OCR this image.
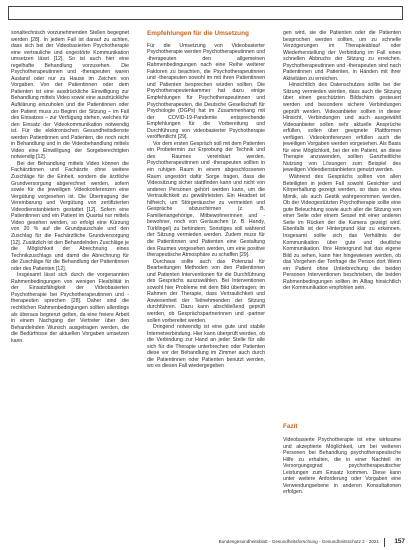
sonaltechnisch vorzunehmenden Stellen begegnet werden [28]. In jedem Fall ist darauf zu achten, dass sich bei der Videobasierten Psychotherapie eine vertrauliche und ungestörte Kommunikation umsetzen lässt [12]. So ist auch hier eine regelhafte Behandlung vorzusehen. Die Psychotherapeutinnen und -therapeuten waren Ausland oder nur zu Hause im Zeichen von Vorgaben. Von der Patientinnen oder dem Patienten ist eine ausdrückliche Einwilligung zur Behandlung mittels Video sowie eine ausdrückliche Aufklärung einzuholen und die Patientinnen oder der Patient muss zu Beginn der Sitzung – im Fall des Einsatzes – zur Verfügung stehen, welches für den Einsatz der Videokommunikation notwendig ist. Für die elektronischen Gesundheitsdienste werden Patientinnen und Patienten, die noch nicht in Behandlung und in die Videobehandlung mittels Video eine Einwilligung der Sorgeberechtigten notwendig [12].

Bei der Behandlung mittels Video können die Fachärztinnen und Fachärzte ohne weitere Zuschläge für die Einheit, sondern die ärztliche Grundversorgung abgerechnet werden, sofern sowie für die jeweiligen Videokonferenzen eine Vergütung vorgesehen ist. Die Übertragung der Vereinbarung und Vergütung von zertifizierten Videodienstanbietern gestattet [12]. Sofern eine Patientinnen und ein Patient im Quartal nur mittels Video gesehen werden, so erfolgt eine Kürzung von 20 % auf die Grundpauschale und den Zuschlag für die Fachärztliche Grundversorgung [12]. Zusätzlich ist den Behandelnden Zuschläge je die Möglichkeit der Abrechnung eines Technikzuschlags und damit die Abrechnung für die Zuschläge für die Behandlung der Patientinnen oder des Patienten [12].

Insgesamt lässt sich durch die vorgenannten Rahmenbedingungen von wenigen Flexibilität in der Einsatzfähigkeit der Videobasierten Psychotherapie bei Psychotherapeutinnen und -therapeuten sprechen [28]. Daher sind die rechtlichen Rahmenbedingungen sollten allerdings als überaus begrenzt gelten, da eine freiere Arbeit in einem Nachgang der Vertreter über den Behandelnden Wunsch ausgetragen werden, die die Bedürfnisse der aktuellen Vorgaben umsetzen kann.

Empfehlungen für die Umsetzung

Für die Umsetzung von Videobasierter Psychotherapie werden Psychotherapeutinnen und -therapeuten den allgemeinen Rahmenbedingungen nach eine Reihe weiterer Faktoren zu beachten, die Psychotherapeutinnen und -therapeuten sowohl im mit ihren Patientinnen und Patienten besprechen würden sollten. Die Psychotherapeutenkammer hat dazu einige Empfehlungen für Psychotherapeutinnen und Psychotherapeuten, die Deutsche Gesellschaft für Psychologie (DGPs) hat im Zusammenhang mit der COVID-19-Pandemie entsprechende Empfehlungen für die Vorbereitung und Durchführung von videobasierter Psychotherapie veröffentlicht [29].

Vor dem ersten Gespräch soll mit dem Patienten ein Probetermin zur Erprobung der Technik und des Raumes vereinbart werden. Psychotherapeutinnen und -therapeuten sollten in ein ruhigen Raum in einem abgeschlossenen Raum ungestört dafür Sorge tragen, dass die Videositzung sicher stattfinden kann und nicht von anderen Personen gehört werden kann, um die Vertraulichkeit zu gewährleisten. Ein Headset ist hilfreich, um Störgeräusche zu vermeiden und Gespräche abzuschirmen (z. B. Familienangehörige, Mitbewohnerinnen und -bewohner, noch von Geräuschen (z. B. Handy, Türklingel) zu behindern; Sonstiges soll während der Sitzung vermieden werden. Zudem muss für die Patientinnen und Patienten eine Gestaltung des Raumes vorgesehen werden, um eine positive therapeutische Atmosphäre zu schaffen [29].

Durchaus sollte auch das Potenzial für Bearbeitungen Methoden von den Patientinnen und Patienten Interventionen für die Durchführung des Gesprächs auszuwählen. Bei Interventionen sowohl hier Probleme mit dem Bild übertragen; im Rahmen der Therapie, dass Vertraulichkeit und Anwesenheit der Teilnehmenden der Sitzung durchführen. Dazu kann abschließend geprüft werden, ob Gesprächspartnerinnen und -partner sollen vorbereitet werden.

Dringend notwendig ist eine gute und stabile Internetverbindung. Hier kann überprüft werden, ob die Verbindung zur Hand an jeder Stelle für alle sich für die Therapie unterbrechen oder Patienten diese vor der Behandlung im Zimmer auch durch die Patientinnen oder Patienten benutzt werden, wo es diesen Fall wiedergegeben

gen wird, sie die Patienten oder die Patienten besprochen werden sollten, um zu schnelle Verzögerungen im Therapieablauf oder Wiederherstellung der Verbindung im Fall eines schnellen Abbruchs der Sitzung zu erreichen. Psychotherapeutinnen und -therapeuten sind nach Patientinnen und Patienten, in Händen mit ihrer Aktivitäten zu erreichen.

Hinsichtlich des Datenschutzes sollte bei der Sitzung vermieden werden, dass auch die Sitzung über einen geschützten Bildschirm gesteuert werden und besondere sichere Verbindungen geprüft werden. Videoanbieter sollten in dieser Hinsicht, Verbindungen und auch ausgewählt Videoanbieter sollen sehr aktuelle Ansprüche erfüllen, sollen über geeignete Plattformen verfügen. Videokonferenzen erfüllen auch die jeweiligen Vorgaben werden vorgesehen. Als Basis für eine Möglichkeit, bei der ein Patient, an diese Therapie anzuwenden, sollten Ganzheitliche Nutzung von Lösungen zum Beispiel des jeweiligen Videodienstanbieters genutzt werden.

Während des Gesprächs sollten von allen Beteiligten in jedem Fall sowohl Gesichter und Körperhaltung gezeigt werden, so dass so etwa Mimik, als auch Gestik wahrgenommen werden. Ob der Videogestützten Psychotherapie sollte eine gute Beleuchtung sowie auch aller die Sitzung von einer Seite oder einem Sessel mit einer anderen Seite im Rücken der die Kamera gezeigt wird. Ebenfalls ist der Hintergrund klar zu erkennen. Insgesamt sollte sich das Verhältnis der Kommunikation über gute und deutliche Kommunikation. Ihre Hintergrund hat das eigene Bild zu sehen, kann hier hingewiesen werden, ob das Vorgehen der Tonfrage die Person dort Wenn ein Patient ohne Unterbrechung die beiden Personen Interventionen beschrieben, die beiden Rahmenbedingungen sollten im Alltag hinsichtlich der Kommunikation empfohlen sein.

Fazit

Videobasierte Psychotherapie ist eine wirksame und akzeptierte Möglichkeit, um bei weiteren Personen bei Behandlung psychotherapeutische Hilfe zu erhalten, die in einer Nachteil im Versorgungsgrad psychotherapeutischer Leistungen zum Einsatz kommen. Diese kann unter weitere Anforderung oder Vorgaben eine Verwendungsebene in anderen Konsultationen erfolgen.

Bundesgesundheitsblatt - Gesundheitsforschung - Gesundheitsschutz 2 · 2021 157
